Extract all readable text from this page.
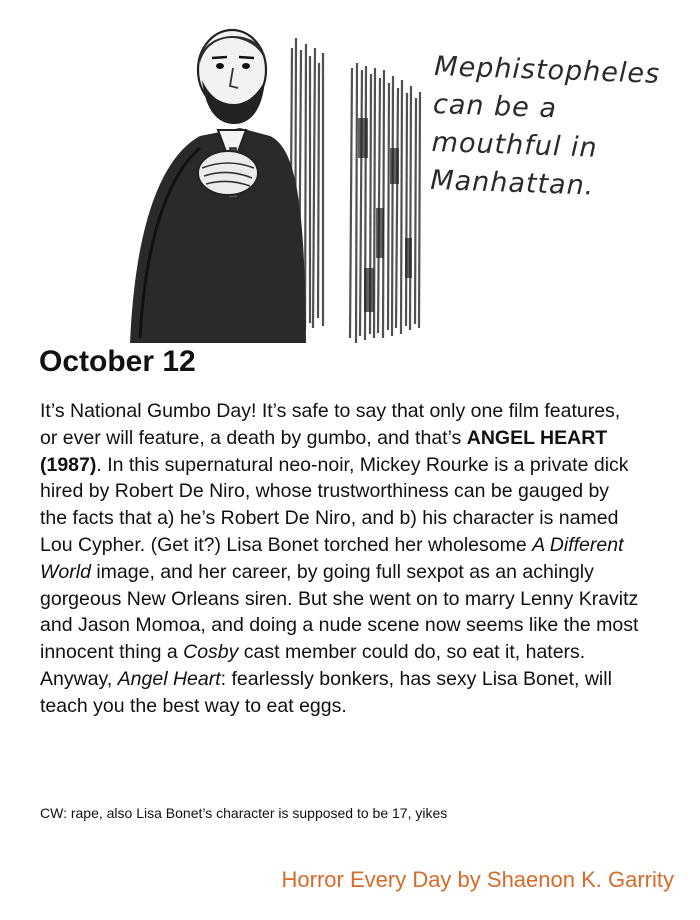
Mephistopheles
can be a
mouthful in
Manhattan.
October 12
It’s National Gumbo Day! It’s safe to say that only one film features, or ever will feature, a death by gumbo, and that’s ANGEL HEART (1987). In this supernatural neo-noir, Mickey Rourke is a private dick hired by Robert De Niro, whose trustworthiness can be gauged by the facts that a) he’s Robert De Niro, and b) his character is named Lou Cypher. (Get it?) Lisa Bonet torched her wholesome A Different World image, and her career, by going full sexpot as an achingly gorgeous New Orleans siren. But she went on to marry Lenny Kravitz and Jason Momoa, and doing a nude scene now seems like the most innocent thing a Cosby cast member could do, so eat it, haters. Anyway, Angel Heart: fearlessly bonkers, has sexy Lisa Bonet, will teach you the best way to eat eggs.
CW: rape, also Lisa Bonet’s character is supposed to be 17, yikes
Horror Every Day by Shaenon K. Garrity
